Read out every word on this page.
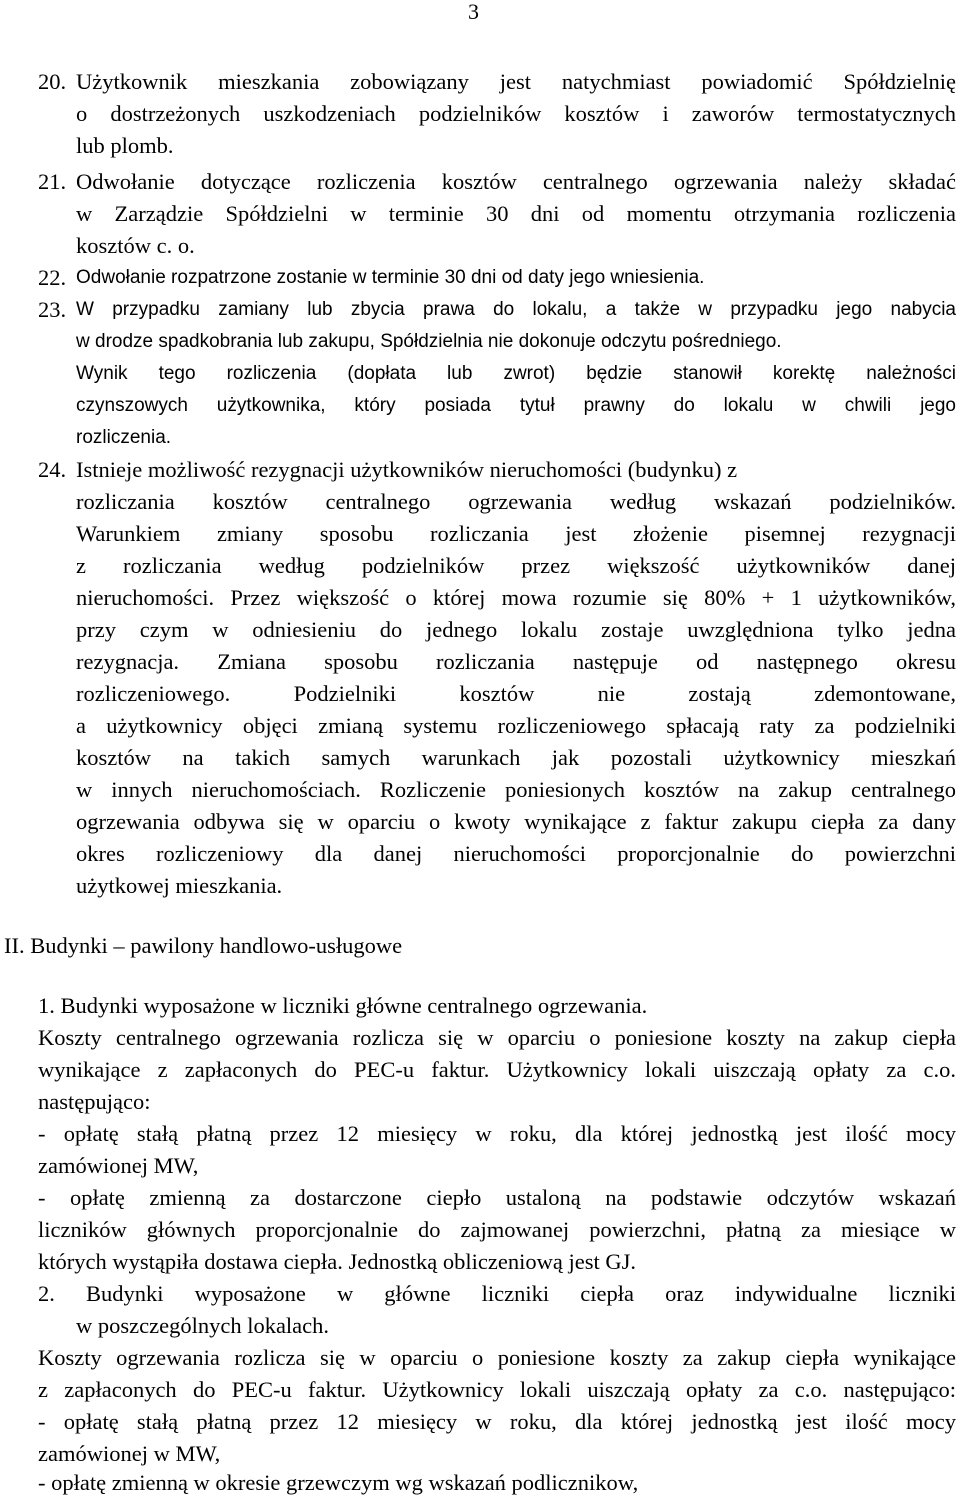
3
20. Użytkownik mieszkania zobowiązany jest natychmiast powiadomić Spółdzielnię
o dostrzeżonych uszkodzeniach podzielników kosztów i zaworów termostatycznych
lub plomb.
21. Odwołanie dotyczące rozliczenia kosztów centralnego ogrzewania należy składać
w Zarządzie Spółdzielni w terminie 30 dni od momentu otrzymania rozliczenia
kosztów c. o.
22. Odwołanie rozpatrzone zostanie w terminie 30 dni od daty jego wniesienia.
23. W przypadku zamiany lub zbycia prawa do lokalu, a także w przypadku jego nabycia
w drodze spadkobrania lub zakupu, Spółdzielnia nie dokonuje odczytu pośredniego.
Wynik tego rozliczenia (dopłata lub zwrot) będzie stanowił korektę należności
czynszowych użytkownika, który posiada tytuł prawny do lokalu w chwili jego
rozliczenia.
24. Istnieje możliwość rezygnacji użytkowników nieruchomości (budynku) z
rozliczania kosztów centralnego ogrzewania według wskazań podzielników.
Warunkiem zmiany sposobu rozliczania jest złożenie pisemnej rezygnacji
z rozliczania według podzielników przez większość użytkowników danej
nieruchomości. Przez większość o której mowa rozumie się 80% + 1 użytkowników,
przy czym w odniesieniu do jednego lokalu zostaje uwzględniona tylko jedna
rezygnacja. Zmiana sposobu rozliczania następuje od następnego okresu
rozliczeniowego. Podzielniki kosztów nie zostają zdemontowane,
a użytkownicy objęci zmianą systemu rozliczeniowego spłacają raty za podzielniki
kosztów na takich samych warunkach jak pozostali użytkownicy mieszkań
w innych nieruchomościach. Rozliczenie poniesionych kosztów na zakup centralnego
ogrzewania odbywa się w oparciu o kwoty wynikające z faktur zakupu ciepła za dany
okres rozliczeniowy dla danej nieruchomości proporcjonalnie do powierzchni
użytkowej mieszkania.
II. Budynki – pawilony handlowo-usługowe
1. Budynki wyposażone w liczniki główne centralnego ogrzewania.
Koszty centralnego ogrzewania rozlicza się w oparciu o poniesione koszty na zakup ciepła
wynikające z zapłaconych do PEC-u faktur. Użytkownicy lokali uiszczają opłaty za c.o.
następująco:
- opłatę stałą płatną przez 12 miesięcy w roku, dla której jednostką jest ilość mocy
zamówionej MW,
- opłatę zmienną za dostarczone ciepło ustaloną na podstawie odczytów wskazań
liczników głównych proporcjonalnie do zajmowanej powierzchni, płatną za miesiące w
których wystąpiła dostawa ciepła. Jednostką obliczeniową jest GJ.
2. Budynki wyposażone w główne liczniki ciepła oraz indywidualne liczniki
w poszczególnych lokalach.
Koszty ogrzewania rozlicza się w oparciu o poniesione koszty za zakup ciepła wynikające
z zapłaconych do PEC-u faktur. Użytkownicy lokali uiszczają opłaty za c.o. następująco:
- opłatę stałą płatną przez 12 miesięcy w roku, dla której jednostką jest ilość mocy
zamówionej w MW,
- opłatę zmienną w okresie grzewczym wg wskazań podlicznikow,
